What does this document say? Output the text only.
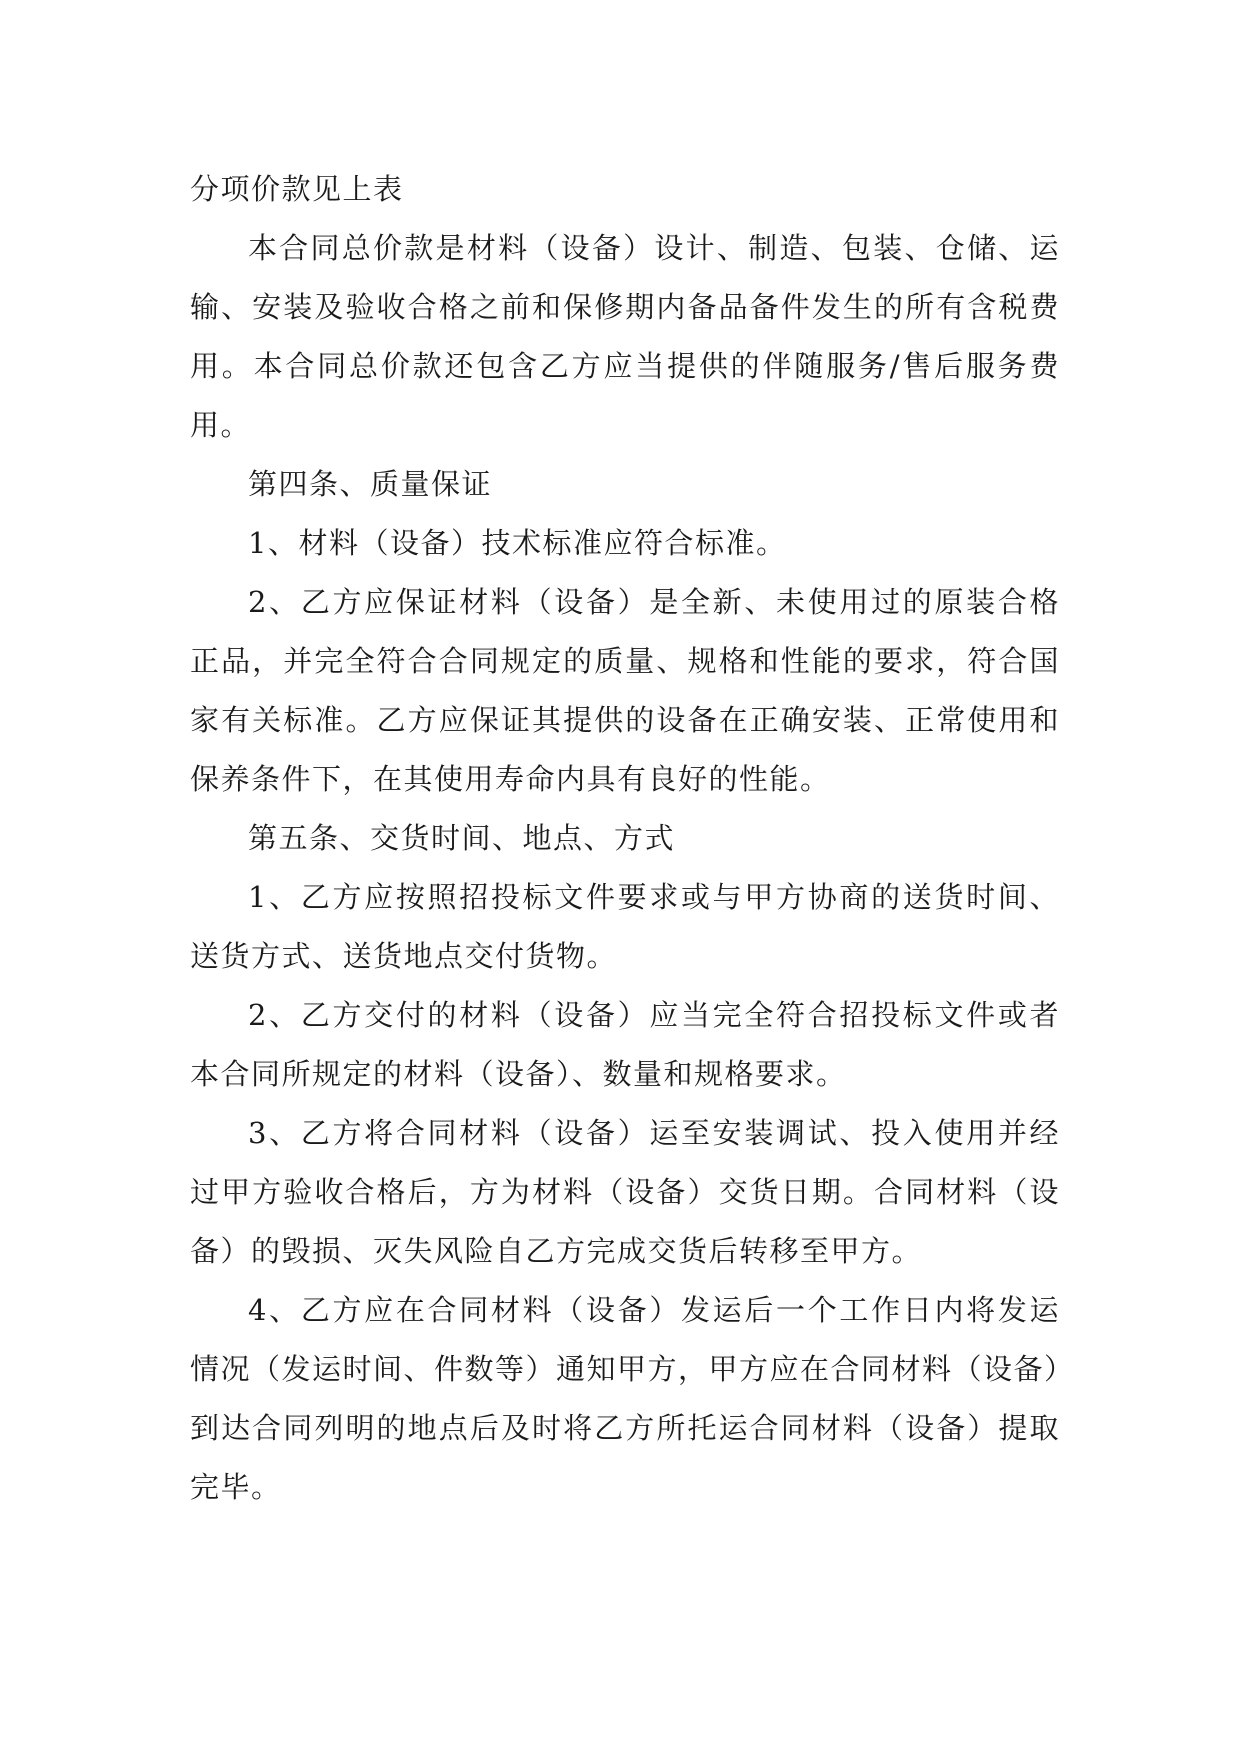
分项价款见上表

本合同总价款是材料（设备）设计、制造、包装、仓储、运输、安装及验收合格之前和保修期内备品备件发生的所有含税费用。本合同总价款还包含乙方应当提供的伴随服务/售后服务费用。

第四条、质量保证

1、材料（设备）技术标准应符合标准。

2、乙方应保证材料（设备）是全新、未使用过的原装合格正品，并完全符合合同规定的质量、规格和性能的要求，符合国家有关标准。乙方应保证其提供的设备在正确安装、正常使用和保养条件下，在其使用寿命内具有良好的性能。

第五条、交货时间、地点、方式

1、乙方应按照招投标文件要求或与甲方协商的送货时间、送货方式、送货地点交付货物。

2、乙方交付的材料（设备）应当完全符合招投标文件或者本合同所规定的材料（设备）、数量和规格要求。

3、乙方将合同材料（设备）运至安装调试、投入使用并经过甲方验收合格后，方为材料（设备）交货日期。合同材料（设备）的毁损、灭失风险自乙方完成交货后转移至甲方。

4、乙方应在合同材料（设备）发运后一个工作日内将发运情况（发运时间、件数等）通知甲方，甲方应在合同材料（设备）到达合同列明的地点后及时将乙方所托运合同材料（设备）提取完毕。
